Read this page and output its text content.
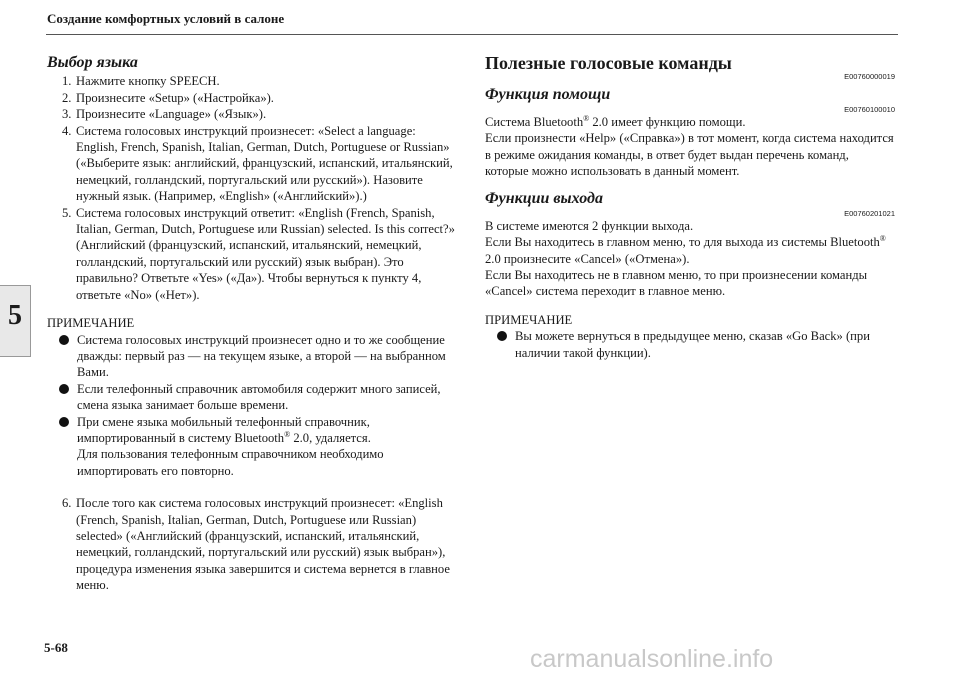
Создание комфортных условий в салоне
5
Выбор языка
1. Нажмите кнопку SPEECH.
2. Произнесите «Setup» («Настройка»).
3. Произнесите «Language» («Язык»).
4. Система голосовых инструкций произнесет: «Select a language: English, French, Spanish, Italian, German, Dutch, Portuguese or Russian» («Выберите язык: английский, французский, испанский, итальянский, немецкий, голландский, португальский или русский»). Назовите нужный язык. (Например, «English» («Английский»).)
5. Система голосовых инструкций ответит: «English (French, Spanish, Italian, German, Dutch, Portuguese или Russian) selected. Is this correct?» (Английский (французский, испанский, итальянский, немецкий, голландский, португальский или русский) язык выбран). Это правильно? Ответьте «Yes» («Да»). Чтобы вернуться к пункту 4, ответьте «No» («Нет»).
ПРИМЕЧАНИЕ
Система голосовых инструкций произнесет одно и то же сообщение дважды: первый раз — на текущем языке, а второй — на выбранном Вами.
Если телефонный справочник автомобиля содержит много записей, смена языка занимает больше времени.
При смене языка мобильный телефонный справочник, импортированный в систему Bluetooth® 2.0, удаляется.
Для пользования телефонным справочником необходимо импортировать его повторно.
6. После того как система голосовых инструкций произнесет: «English (French, Spanish, Italian, German, Dutch, Portuguese или Russian) selected» («Английский (французский, испанский, итальянский, немецкий, голландский, португальский или русский) язык выбран»), процедура изменения языка завершится и система вернется в главное меню.
Полезные голосовые команды
E00760000019
Функция помощи
E00760100010

Система Bluetooth® 2.0 имеет функцию помощи.

Если произнести «Help» («Справка») в тот момент, когда система находится в режиме ожидания команды, в ответ будет выдан перечень команд, которые можно использовать в данный момент.

Функции выхода
E00760201021

В системе имеются 2 функции выхода.

Если Вы находитесь в главном меню, то для выхода из системы Bluetooth® 2.0 произнесите «Cancel» («Отмена»).

Если Вы находитесь не в главном меню, то при произнесении команды «Cancel» система переходит в главное меню.

ПРИМЕЧАНИЕ
Вы можете вернуться в предыдущее меню, сказав «Go Back» (при наличии такой функции).
5-68	carmanualsonline.info
